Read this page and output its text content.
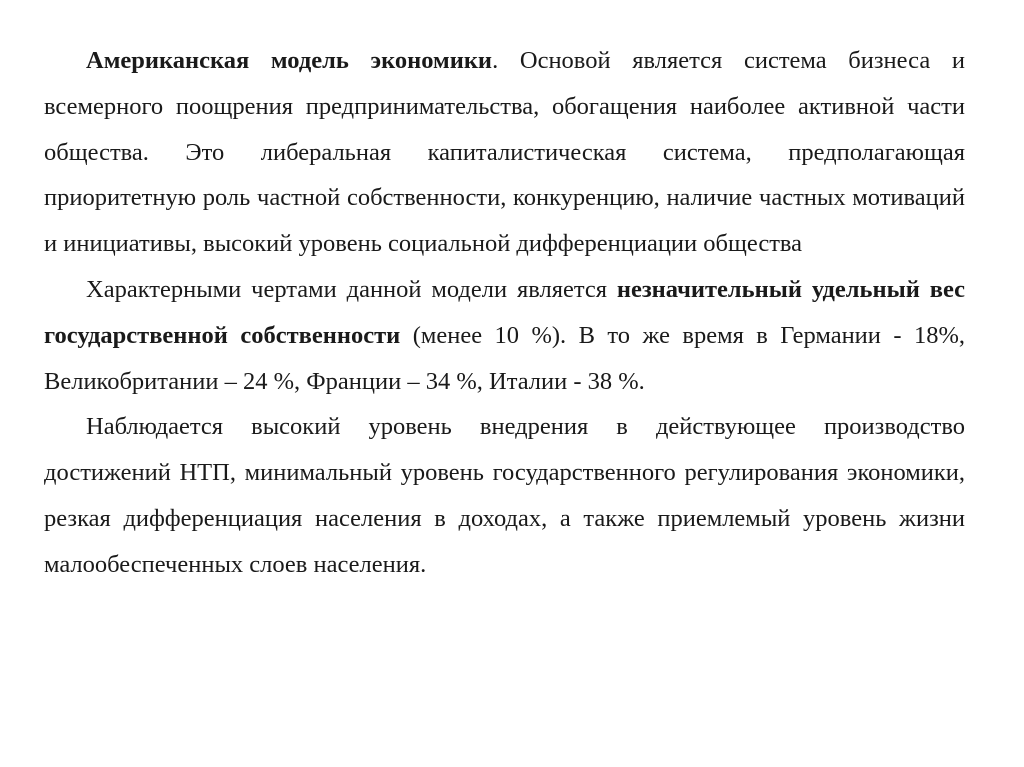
Американская модель экономики. Основой является система бизнеса и всемерного поощрения предпринимательства, обогащения наиболее активной части общества. Это либеральная капиталистическая система, предполагающая приоритетную роль частной собственности, конкуренцию, наличие частных мотиваций и инициативы, высокий уровень социальной дифференциации общества

Характерными чертами данной модели является незначительный удельный вес государственной собственности (менее 10 %). В то же время в Германии - 18%, Великобритании – 24 %, Франции – 34 %, Италии - 38 %.

Наблюдается высокий уровень внедрения в действующее производство достижений НТП, минимальный уровень государственного регулирования экономики, резкая дифференциация населения в доходах, а также приемлемый уровень жизни малообеспеченных слоев населения.
